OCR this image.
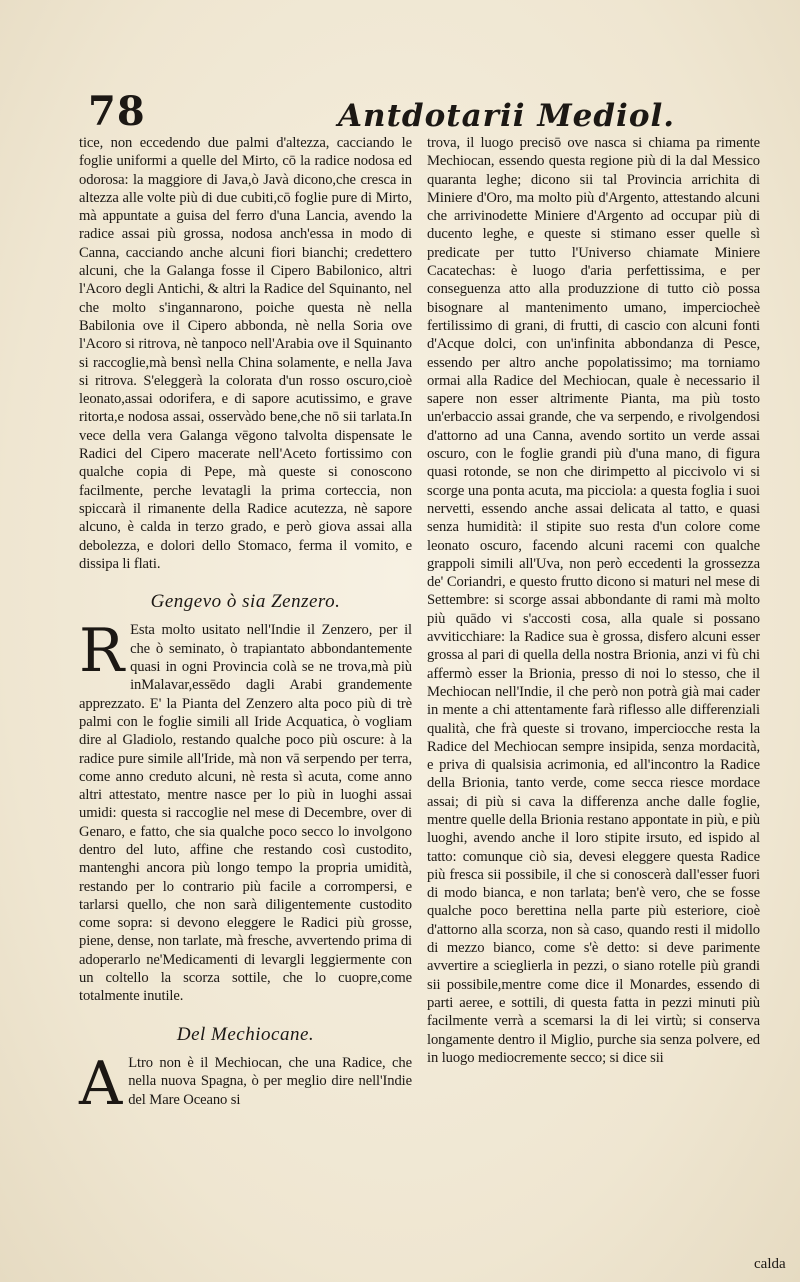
78	Antdotarii Mediol.

tice, non eccedendo due palmi d'altezza, cacciando le foglie uniformi a quelle del Mirto, cō la radice nodosa ed odorosa: la maggiore di Java,ò Javà dicono,che cresca in altezza alle volte più di due cubiti,cō foglie pure di Mirto, mà appuntate a guisa del ferro d'una Lancia, avendo la radice assai più grossa, nodosa anch'essa in modo di Canna, cacciando anche alcuni fiori bianchi; credettero alcuni, che la Galanga fosse il Cipero Babilonico, altri l'Acoro degli Antichi, & altri la Radice del Squinanto, nel che molto s'ingannarono, poiche questa nè nella Babilonia ove il Cipero abbonda, nè nella Soria ove l'Acoro si ritrova, nè tanpoco nell'Arabia ove il Squinanto si raccoglie,mà bensì nella China solamente, e nella Java si ritrova. S'eleggerà la colorata d'un rosso oscuro,cioè leonato,assai odorifera, e di sapore acutissimo, e grave ritorta,e nodosa assai, osservàdo bene,che nō sii tarlata.In vece della vera Galanga vēgono talvolta dispensate le Radici del Cipero macerate nell'Aceto fortissimo con qualche copia di Pepe, mà queste si conoscono facilmente, perche levatagli la prima corteccia, non spiccarà il rimanente della Radice acutezza, nè sapore alcuno, è calda in terzo grado, e però giova assai alla debolezza, e dolori dello Stomaco, ferma il vomito, e dissipa li flati.

Gengevo ò sia Zenzero.

R Esta molto usitato nell'Indie il Zenzero, per il che ò seminato, ò trapiantato abbondantemente quasi in ogni Provincia colà se ne trova,mà più inMalavar,essēdo dagli Arabi grandemente apprezzato. E' la Pianta del Zenzero alta poco più di trè palmi con le foglie simili all Iride Acquatica, ò vogliam dire al Gladiolo, restando qualche poco più oscure: à la radice pure simile all'Iride, mà non vā serpendo per terra, come anno creduto alcuni, nè resta sì acuta, come anno altri attestato, mentre nasce per lo più in luoghi assai umidi: questa si raccoglie nel mese di Decembre, over di Genaro, e fatto, che sia qualche poco secco lo involgono dentro del luto, affine che restando così custodito, mantenghi ancora più longo tempo la propria umidità, restando per lo contrario più facile a corrompersi, e tarlarsi quello, che non sarà diligentemente custodito come sopra: si devono eleggere le Radici più grosse, piene, dense, non tarlate, mà fresche, avvertendo prima di adoperarlo ne'Medicamenti di levargli leggiermente con un coltello la scorza sottile, che lo cuopre,come totalmente inutile.

Del Mechiocane.

A Ltro non è il Mechiocan, che una Radice, che nella nuova Spagna, ò per meglio dire nell'Indie del Mare Oceano si

trova, il luogo precisō ove nasca si chiama pa rimente Mechiocan, essendo questa regione più di la dal Messico quaranta leghe; dicono sii tal Provincia arrichita di Miniere d'Oro, ma molto più d'Argento, attestando alcuni che arrivinodette Miniere d'Argento ad occupar più di ducento leghe, e queste si stimano esser quelle sì predicate per tutto l'Universo chiamate Miniere Cacatechas: è luogo d'aria perfettissima, e per conseguenza atto alla produzzione di tutto ciò possa bisognare al mantenimento umano, imperciocheè fertilissimo di grani, di frutti, di cascio con alcuni fonti d'Acque dolci, con un'infinita abbondanza di Pesce, essendo per altro anche popolatissimo; ma torniamo ormai alla Radice del Mechiocan, quale è necessario il sapere non esser altrimente Pianta, ma più tosto un'erbaccio assai grande, che va serpendo, e rivolgendosi d'attorno ad una Canna, avendo sortito un verde assai oscuro, con le foglie grandi più d'una mano, di figura quasi rotonde, se non che dirimpetto al piccivolo vi si scorge una ponta acuta, ma picciola: a questa foglia i suoi nervetti, essendo anche assai delicata al tatto, e quasi senza humidità: il stipite suo resta d'un colore come leonato oscuro, facendo alcuni racemi con qualche grappoli simili all'Uva, non però eccedenti la grossezza de' Coriandri, e questo frutto dicono si maturi nel mese di Settembre: si scorge assai abbondante di rami mà molto più quādo vi s'accosti cosa, alla quale si possano avviticchiare: la Radice sua è grossa, disfero alcuni esser grossa al pari di quella della nostra Brionia, anzi vi fù chi affermò esser la Brionia, presso di noi lo stesso, che il Mechiocan nell'Indie, il che però non potrà già mai cader in mente a chi attentamente farà riflesso alle differenziali qualità, che frà queste si trovano, imperciocche resta la Radice del Mechiocan sempre insipida, senza mordacità, e priva di qualsisia acrimonia, ed all'incontro la Radice della Brionia, tanto verde, come secca riesce mordace assai; di più si cava la differenza anche dalle foglie, mentre quelle della Brionia restano appontate in più, e più luoghi, avendo anche il loro stipite irsuto, ed ispido al tatto: comunque ciò sia, devesi eleggere questa Radice più fresca sii possibile, il che si conoscerà dall'esser fuori di modo bianca, e non tarlata; ben'è vero, che se fosse qualche poco berettina nella parte più esteriore, cioè d'attorno alla scorza, non sà caso, quando resti il midollo di mezzo bianco, come s'è detto: si deve parimente avvertire a scieglierla in pezzi, o siano rotelle più grandi sii possibile,mentre come dice il Monardes, essendo di parti aeree, e sottili, di questa fatta in pezzi minuti più facilmente verrà a scemarsi la di lei virtù; si conserva longamente dentro il Miglio, purche sia senza polvere, ed in luogo mediocremente secco; si dice sii

calda
